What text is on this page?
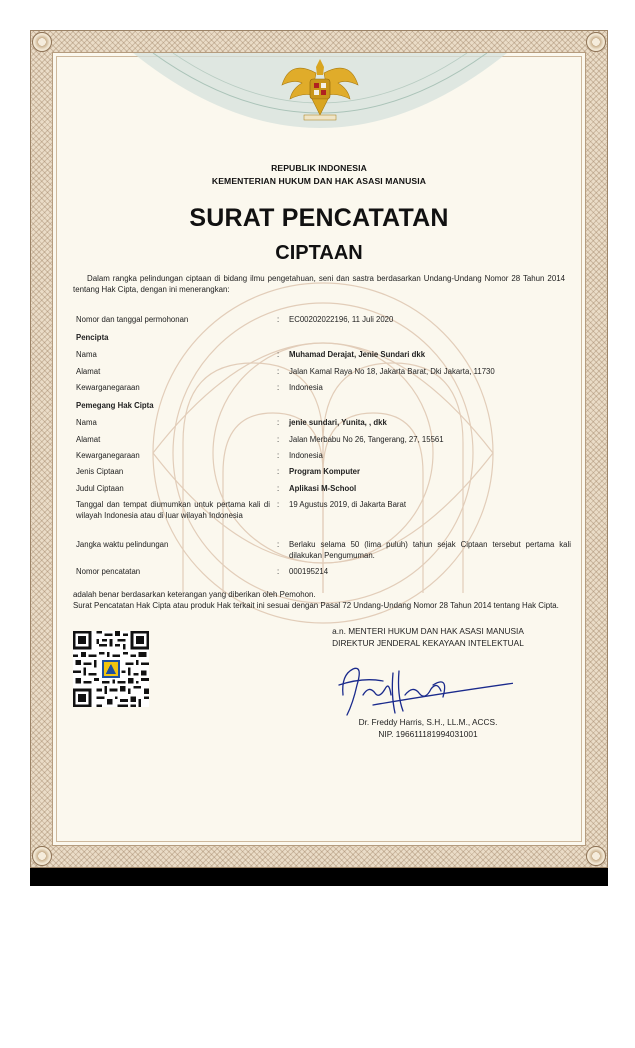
REPUBLIK INDONESIA
KEMENTERIAN HUKUM DAN HAK ASASI MANUSIA
SURAT PENCATATAN
CIPTAAN
Dalam rangka pelindungan ciptaan di bidang ilmu pengetahuan, seni dan sastra berdasarkan Undang-Undang Nomor 28 Tahun 2014 tentang Hak Cipta, dengan ini menerangkan:
Nomor dan tanggal permohonan	: EC00202022196, 11 Juli 2020
Pencipta
Nama	: Muhamad Derajat, Jenie Sundari dkk
Alamat	: Jalan Kamal Raya No 18, Jakarta Barat, Dki Jakarta, 11730
Kewarganegaraan	: Indonesia
Pemegang Hak Cipta
Nama	: jenie sundari, Yunita, , dkk
Alamat	: Jalan Merbabu No 26, Tangerang, 27, 15561
Kewarganegaraan	: Indonesia
Jenis Ciptaan	: Program Komputer
Judul Ciptaan	: Aplikasi M-School
Tanggal dan tempat diumumkan untuk pertama kali di wilayah Indonesia atau di luar wilayah Indonesia
: 19 Agustus 2019, di Jakarta Barat
Jangka waktu pelindungan	: Berlaku selama 50 (lima puluh) tahun sejak Ciptaan tersebut pertama kali dilakukan Pengumuman.
Nomor pencatatan	: 000195214
adalah benar berdasarkan keterangan yang diberikan oleh Pemohon.
Surat Pencatatan Hak Cipta atau produk Hak terkait ini sesuai dengan Pasal 72 Undang-Undang Nomor 28 Tahun 2014 tentang Hak Cipta.
a.n. MENTERI HUKUM DAN HAK ASASI MANUSIA
DIREKTUR JENDERAL KEKAYAAN INTELEKTUAL
Dr. Freddy Harris, S.H., LL.M., ACCS.
NIP. 196611181994031001
